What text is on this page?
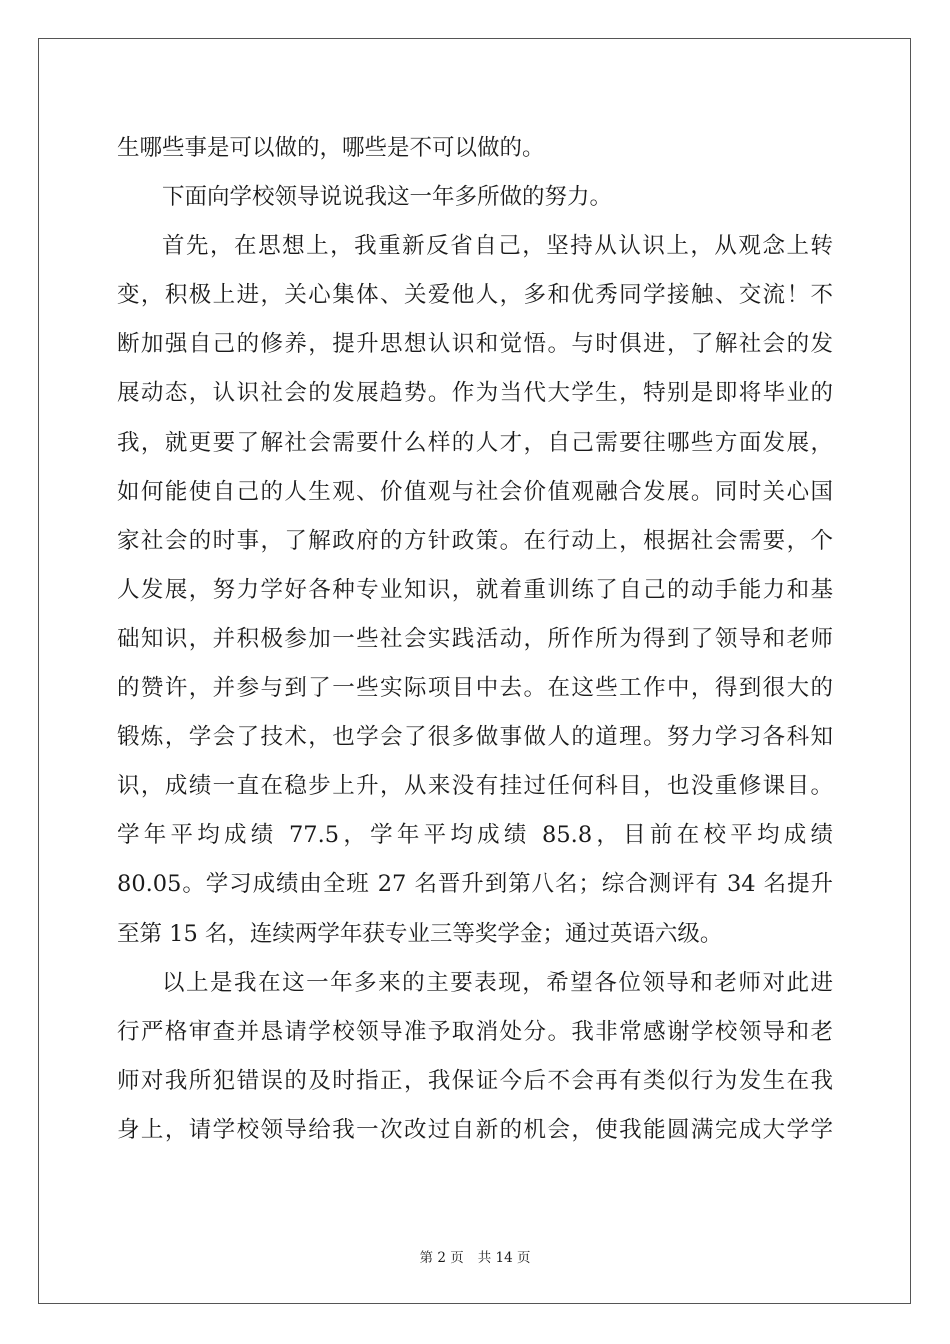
生哪些事是可以做的，哪些是不可以做的。
下面向学校领导说说我这一年多所做的努力。
首先，在思想上，我重新反省自己，坚持从认识上，从观念上转
变，积极上进，关心集体、关爱他人，多和优秀同学接触、交流！不
断加强自己的修养，提升思想认识和觉悟。与时俱进，了解社会的发
展动态，认识社会的发展趋势。作为当代大学生，特别是即将毕业的
我，就更要了解社会需要什么样的人才，自己需要往哪些方面发展，
如何能使自己的人生观、价值观与社会价值观融合发展。同时关心国
家社会的时事，了解政府的方针政策。在行动上，根据社会需要，个
人发展，努力学好各种专业知识，就着重训练了自己的动手能力和基
础知识，并积极参加一些社会实践活动，所作所为得到了领导和老师
的赞许，并参与到了一些实际项目中去。在这些工作中，得到很大的
锻炼，学会了技术，也学会了很多做事做人的道理。努力学习各科知
识，成绩一直在稳步上升，从来没有挂过任何科目，也没重修课目。
学年平均成绩 77.5，学年平均成绩 85.8，目前在校平均成绩
80.05。学习成绩由全班 27 名晋升到第八名；综合测评有 34 名提升
至第 15 名，连续两学年获专业三等奖学金；通过英语六级。
以上是我在这一年多来的主要表现，希望各位领导和老师对此进
行严格审查并恳请学校领导准予取消处分。我非常感谢学校领导和老
师对我所犯错误的及时指正，我保证今后不会再有类似行为发生在我
身上，请学校领导给我一次改过自新的机会，使我能圆满完成大学学
第 2 页 共 14 页
